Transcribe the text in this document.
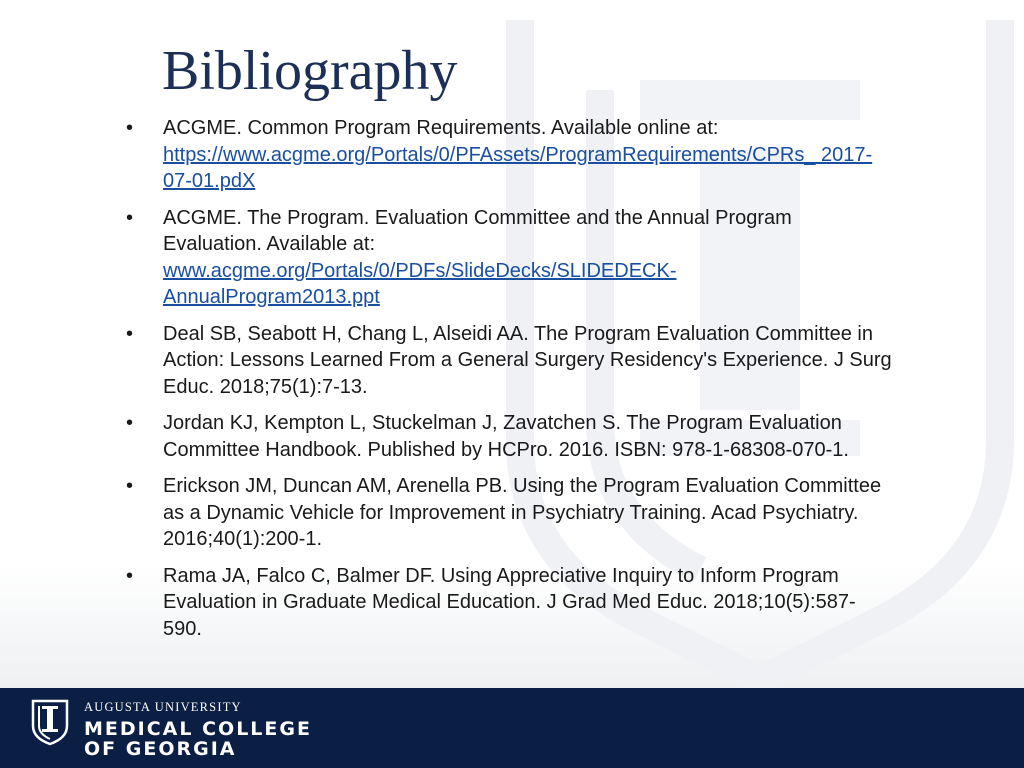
Bibliography
• ACGME. Common Program Requirements. Available online at: https://www.acgme.org/Portals/0/PFAssets/ProgramRequirements/CPRs_ 2017-07-01.pdX
• ACGME. The Program. Evaluation Committee and the Annual Program Evaluation. Available at: www.acgme.org/Portals/0/PDFs/SlideDecks/SLIDEDECK-AnnualProgram2013.ppt
• Deal SB, Seabott H, Chang L, Alseidi AA. The Program Evaluation Committee in Action: Lessons Learned From a General Surgery Residency's Experience. J Surg Educ. 2018;75(1):7-13.
• Jordan KJ, Kempton L, Stuckelman J, Zavatchen S. The Program Evaluation Committee Handbook. Published by HCPro. 2016. ISBN: 978-1-68308-070-1.
• Erickson JM, Duncan AM, Arenella PB. Using the Program Evaluation Committee as a Dynamic Vehicle for Improvement in Psychiatry Training. Acad Psychiatry. 2016;40(1):200-1.
• Rama JA, Falco C, Balmer DF. Using Appreciative Inquiry to Inform Program Evaluation in Graduate Medical Education. J Grad Med Educ. 2018;10(5):587-590.

AUGUSTA UNIVERSITY

MEDICAL COLLEGE

OF GEORGIA
